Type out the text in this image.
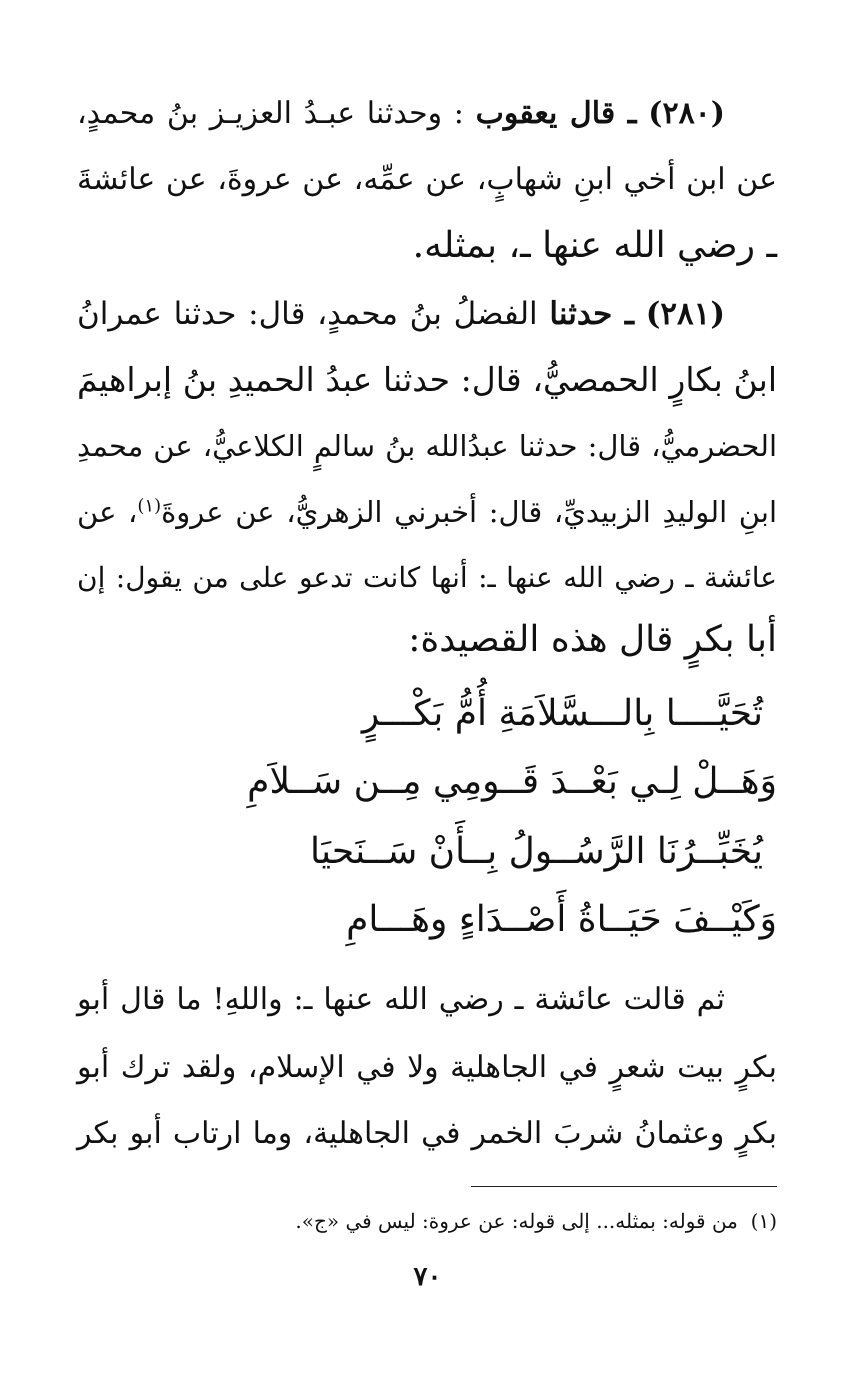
(٢٨٠) ـ قال يعقوب : وحدثنا عبـدُ العزيـز بنُ محمدٍ،
عن ابن أخي ابنِ شهابٍ، عن عمِّه، عن عروةَ، عن عائشةَ
ـ رضي الله عنها ـ، بمثله.
(٢٨١) ـ حدثنا الفضلُ بنُ محمدٍ، قال: حدثنا عمرانُ
ابنُ بكارٍ الحمصيُّ، قال: حدثنا عبدُ الحميدِ بنُ إبراهيمَ
الحضرميُّ، قال: حدثنا عبدُالله بنُ سالمٍ الكلاعيُّ، عن محمدِ
ابنِ الوليدِ الزبيديِّ، قال: أخبرني الزهريُّ، عن عروةَ$^{(١)}$، عن
عائشة ـ رضي الله عنها ـ: أنها كانت تدعو على من يقول: إن
أبا بكرٍ قال هذه القصيدة:
تُحَيَّــــا بِالـــسَّلاَمَةِ أُمُّ بَكْـــرٍ
وَهَــلْ لِـي بَعْــدَ قَــومِي مِــن سَــلاَمِ
يُخَبِّــرُنَا الرَّسُــولُ بِــأَنْ سَــنَحيَا
وَكَيْــفَ حَيَــاةُ أَصْــدَاءٍ وهَـــامِ
ثم قالت عائشة ـ رضي الله عنها ـ: واللهِ! ما قال أبو
بكرٍ بيت شعرٍ في الجاهلية ولا في الإسلام، ولقد ترك أبو
بكرٍ وعثمانُ شربَ الخمر في الجاهلية، وما ارتاب أبو بكر
(١)  من قوله: بمثله... إلى قوله: عن عروة: ليس في «ج».
٧٠
